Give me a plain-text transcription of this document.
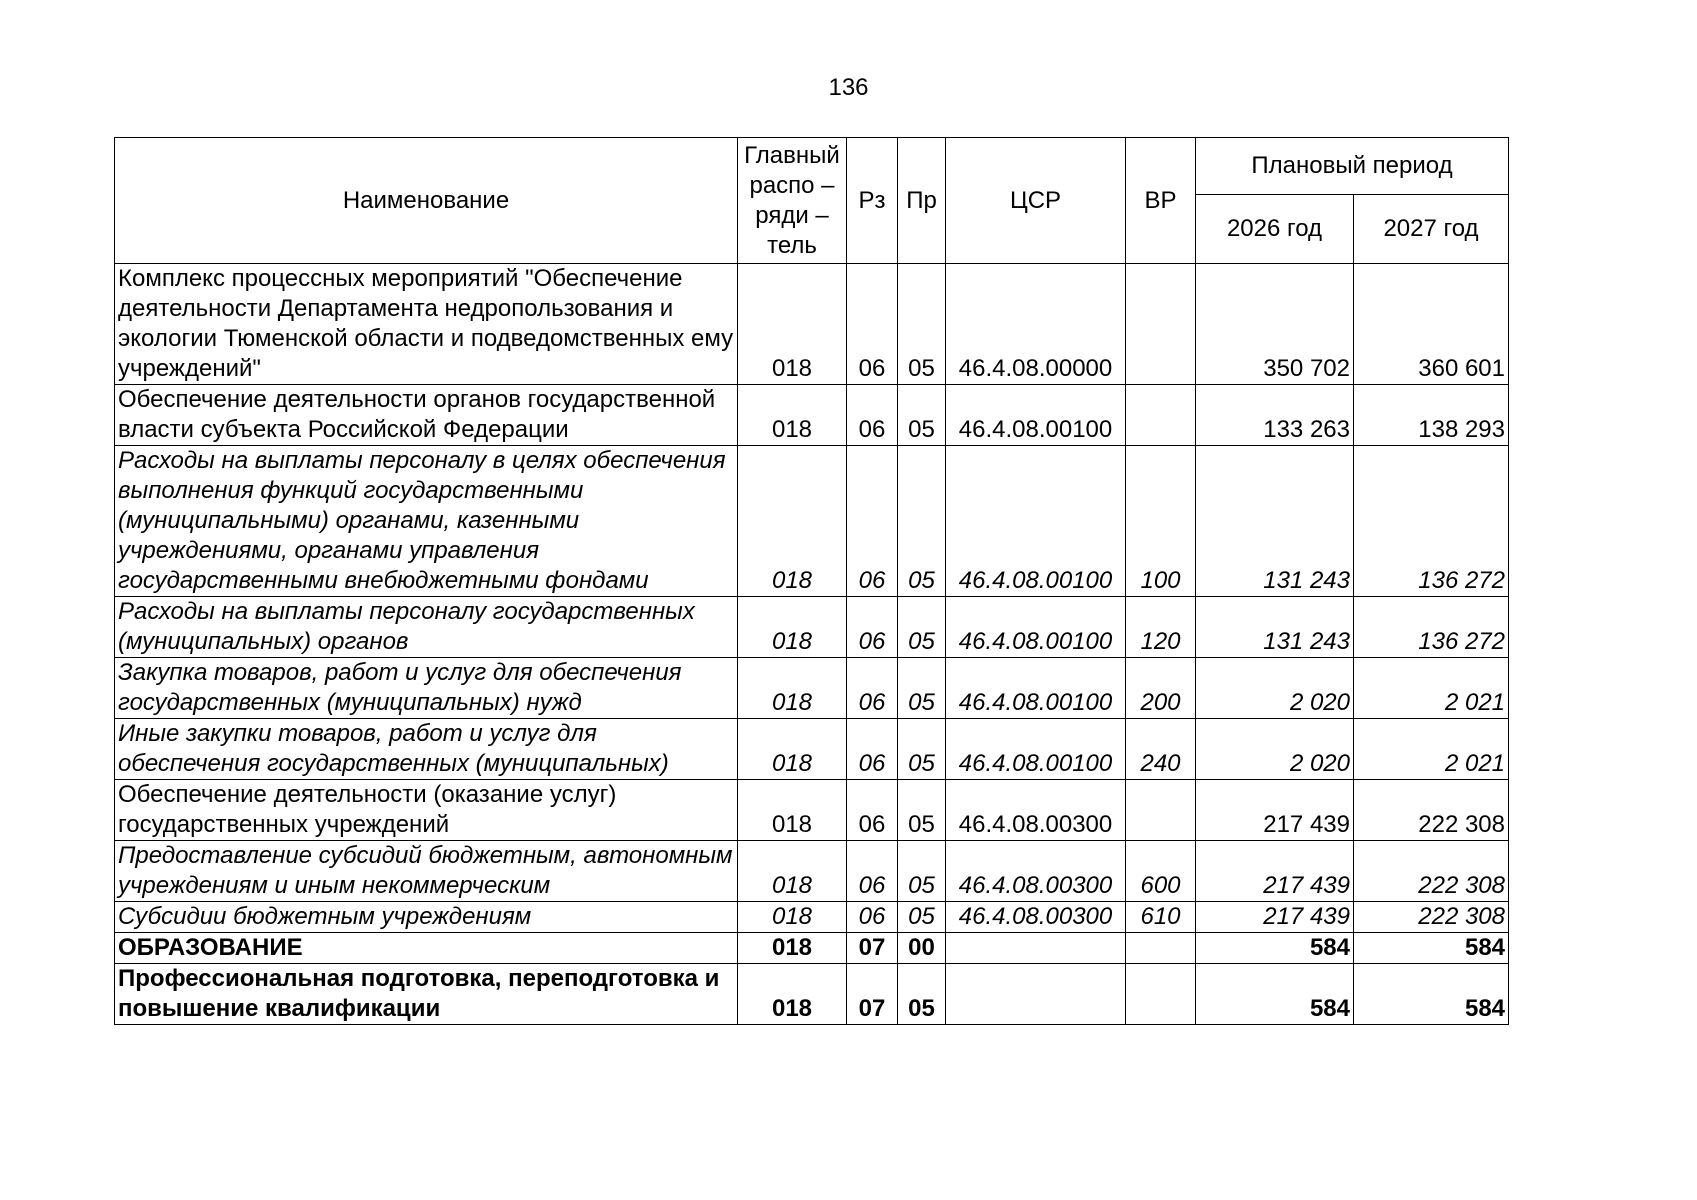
136
Наименование	Главный распо – ряди – тель	Рз	Пр	ЦСР	ВР	Плановый период	
						2026 год	2027 год
Комплекс процессных мероприятий "Обеспечение деятельности Департамента недропользования и экологии Тюменской области и подведомственных ему учреждений"	018	06	05	46.4.08.00000		350 702	360 601
Обеспечение деятельности органов государственной власти субъекта Российской Федерации	018	06	05	46.4.08.00100		133 263	138 293
Расходы на выплаты персоналу в целях обеспечения выполнения функций государственными (муниципальными) органами, казенными учреждениями, органами управления государственными внебюджетными фондами	018	06	05	46.4.08.00100	100	131 243	136 272
Расходы на выплаты персоналу государственных (муниципальных) органов	018	06	05	46.4.08.00100	120	131 243	136 272
Закупка товаров, работ и услуг для обеспечения государственных (муниципальных) нужд	018	06	05	46.4.08.00100	200	2 020	2 021
Иные закупки товаров, работ и услуг для обеспечения государственных (муниципальных)	018	06	05	46.4.08.00100	240	2 020	2 021
Обеспечение деятельности (оказание услуг) государственных учреждений	018	06	05	46.4.08.00300		217 439	222 308
Предоставление субсидий бюджетным, автономным учреждениям и иным некоммерческим	018	06	05	46.4.08.00300	600	217 439	222 308
Субсидии бюджетным учреждениям	018	06	05	46.4.08.00300	610	217 439	222 308
ОБРАЗОВАНИЕ	018	07	00			584	584
Профессиональная подготовка, переподготовка и повышение квалификации	018	07	05			584	584
